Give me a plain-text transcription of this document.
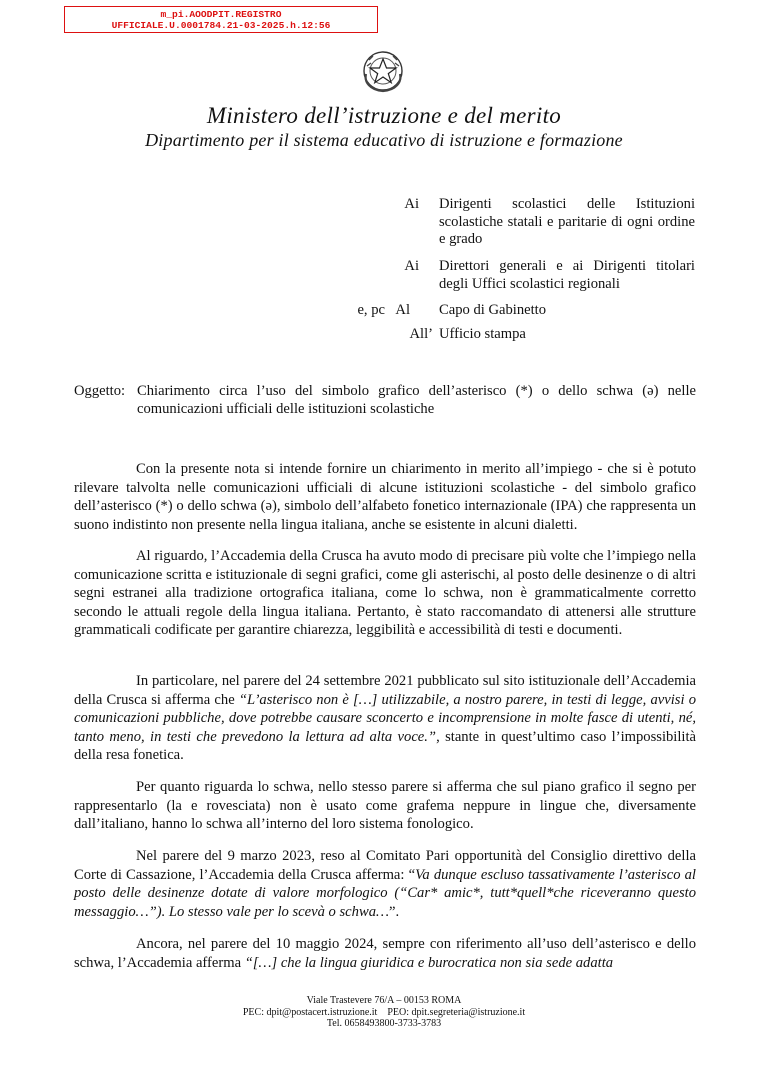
m_pi.AOODPIT.REGISTRO
UFFICIALE.U.0001784.21-03-2025.h.12:56
Ministero dell’istruzione e del merito
Dipartimento per il sistema educativo di istruzione e formazione
Ai Dirigenti scolastici delle Istituzioni scolastiche statali e paritarie di ogni ordine e grado
Ai Direttori generali e ai Dirigenti titolari degli Uffici scolastici regionali
e, pc Al Capo di Gabinetto
All’ Ufficio stampa
Oggetto: Chiarimento circa l’uso del simbolo grafico dell’asterisco (*) o dello schwa (ə) nelle comunicazioni ufficiali delle istituzioni scolastiche
Con la presente nota si intende fornire un chiarimento in merito all’impiego - che si è potuto rilevare talvolta nelle comunicazioni ufficiali di alcune istituzioni scolastiche - del simbolo grafico dell’asterisco (*) o dello schwa (ə), simbolo dell’alfabeto fonetico internazionale (IPA) che rappresenta un suono indistinto non presente nella lingua italiana, anche se esistente in alcuni dialetti.
Al riguardo, l’Accademia della Crusca ha avuto modo di precisare più volte che l’impiego nella comunicazione scritta e istituzionale di segni grafici, come gli asterischi, al posto delle desinenze o di altri segni estranei alla tradizione ortografica italiana, come lo schwa, non è grammaticalmente corretto secondo le attuali regole della lingua italiana. Pertanto, è stato raccomandato di attenersi alle strutture grammaticali codificate per garantire chiarezza, leggibilità e accessibilità di testi e documenti.
In particolare, nel parere del 24 settembre 2021 pubblicato sul sito istituzionale dell’Accademia della Crusca si afferma che “L’asterisco non è […] utilizzabile, a nostro parere, in testi di legge, avvisi o comunicazioni pubbliche, dove potrebbe causare sconcerto e incomprensione in molte fasce di utenti, né, tanto meno, in testi che prevedono la lettura ad alta voce.”, stante in quest’ultimo caso l’impossibilità della resa fonetica.
Per quanto riguarda lo schwa, nello stesso parere si afferma che sul piano grafico il segno per rappresentarlo (la e rovesciata) non è usato come grafema neppure in lingue che, diversamente dall’italiano, hanno lo schwa all’interno del loro sistema fonologico.
Nel parere del 9 marzo 2023, reso al Comitato Pari opportunità del Consiglio direttivo della Corte di Cassazione, l’Accademia della Crusca afferma: “Va dunque escluso tassativamente l’asterisco al posto delle desinenze dotate di valore morfologico (“Car* amic*, tutt*quell*che riceveranno questo messaggio…”). Lo stesso vale per lo scevà o schwa…”.
Ancora, nel parere del 10 maggio 2024, sempre con riferimento all’uso dell’asterisco e dello schwa, l’Accademia afferma “[…] che la lingua giuridica e burocratica non sia sede adatta
Viale Trastevere 76/A – 00153 ROMA
PEC: dpit@postacert.istruzione.it PEO: dpit.segreteria@istruzione.it
Tel. 0658493800-3733-3783
